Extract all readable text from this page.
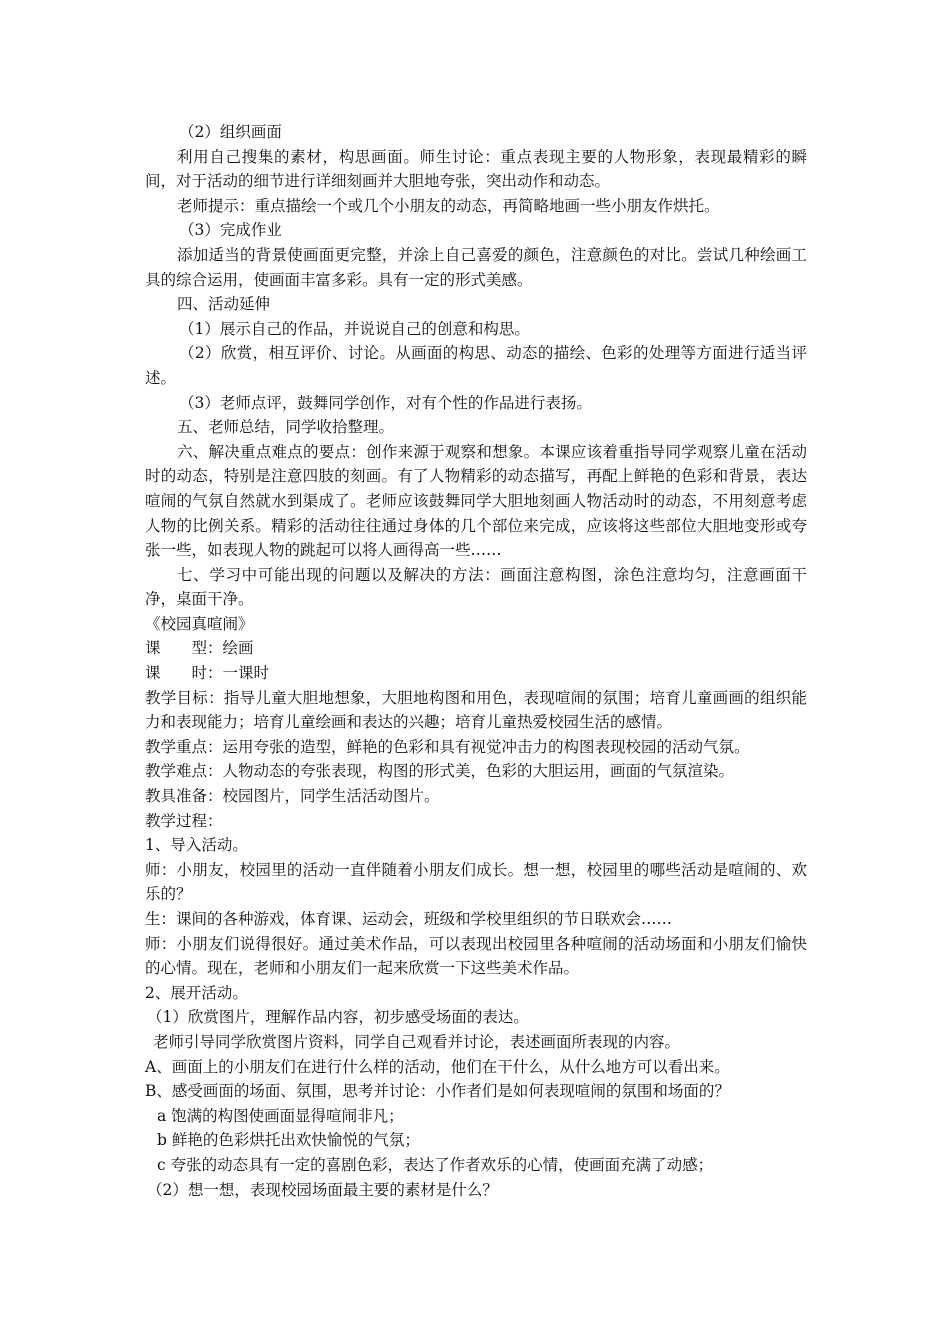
（2）组织画面

利用自己搜集的素材，构思画面。师生讨论：重点表现主要的人物形象，表现最精彩的瞬间，对于活动的细节进行详细刻画并大胆地夸张，突出动作和动态。

老师提示：重点描绘一个或几个小朋友的动态，再简略地画一些小朋友作烘托。

（3）完成作业

添加适当的背景使画面更完整，并涂上自己喜爱的颜色，注意颜色的对比。尝试几种绘画工具的综合运用，使画面丰富多彩。具有一定的形式美感。

四、活动延伸

（1）展示自己的作品，并说说自己的创意和构思。

（2）欣赏，相互评价、讨论。从画面的构思、动态的描绘、色彩的处理等方面进行适当评述。

（3）老师点评，鼓舞同学创作，对有个性的作品进行表扬。

五、老师总结，同学收拾整理。

六、解决重点难点的要点：创作来源于观察和想象。本课应该着重指导同学观察儿童在活动时的动态，特别是注意四肢的刻画。有了人物精彩的动态描写，再配上鲜艳的色彩和背景，表达喧闹的气氛自然就水到渠成了。老师应该鼓舞同学大胆地刻画人物活动时的动态，不用刻意考虑人物的比例关系。精彩的活动往往通过身体的几个部位来完成，应该将这些部位大胆地变形或夸张一些，如表现人物的跳起可以将人画得高一些……

七、学习中可能出现的问题以及解决的方法：画面注意构图，涂色注意均匀，注意画面干净，桌面干净。

《校园真喧闹》

课　　型：绘画

课　　时：一课时

教学目标：指导儿童大胆地想象，大胆地构图和用色，表现喧闹的氛围；培育儿童画画的组织能力和表现能力；培育儿童绘画和表达的兴趣；培育儿童热爱校园生活的感情。

教学重点：运用夸张的造型，鲜艳的色彩和具有视觉冲击力的构图表现校园的活动气氛。

教学难点：人物动态的夸张表现，构图的形式美，色彩的大胆运用，画面的气氛渲染。

教具准备：校园图片，同学生活活动图片。

教学过程：

1、导入活动。

师：小朋友，校园里的活动一直伴随着小朋友们成长。想一想，校园里的哪些活动是喧闹的、欢乐的？

生：课间的各种游戏，体育课、运动会，班级和学校里组织的节日联欢会……

师：小朋友们说得很好。通过美术作品，可以表现出校园里各种喧闹的活动场面和小朋友们愉快的心情。现在，老师和小朋友们一起来欣赏一下这些美术作品。

2、展开活动。

（1）欣赏图片，理解作品内容，初步感受场面的表达。

老师引导同学欣赏图片资料，同学自己观看并讨论，表述画面所表现的内容。

A、画面上的小朋友们在进行什么样的活动，他们在干什么，从什么地方可以看出来。

B、感受画面的场面、氛围，思考并讨论：小作者们是如何表现喧闹的氛围和场面的？

a 饱满的构图使画面显得喧闹非凡；

b 鲜艳的色彩烘托出欢快愉悦的气氛；

c 夸张的动态具有一定的喜剧色彩，表达了作者欢乐的心情，使画面充满了动感；

（2）想一想，表现校园场面最主要的素材是什么？
